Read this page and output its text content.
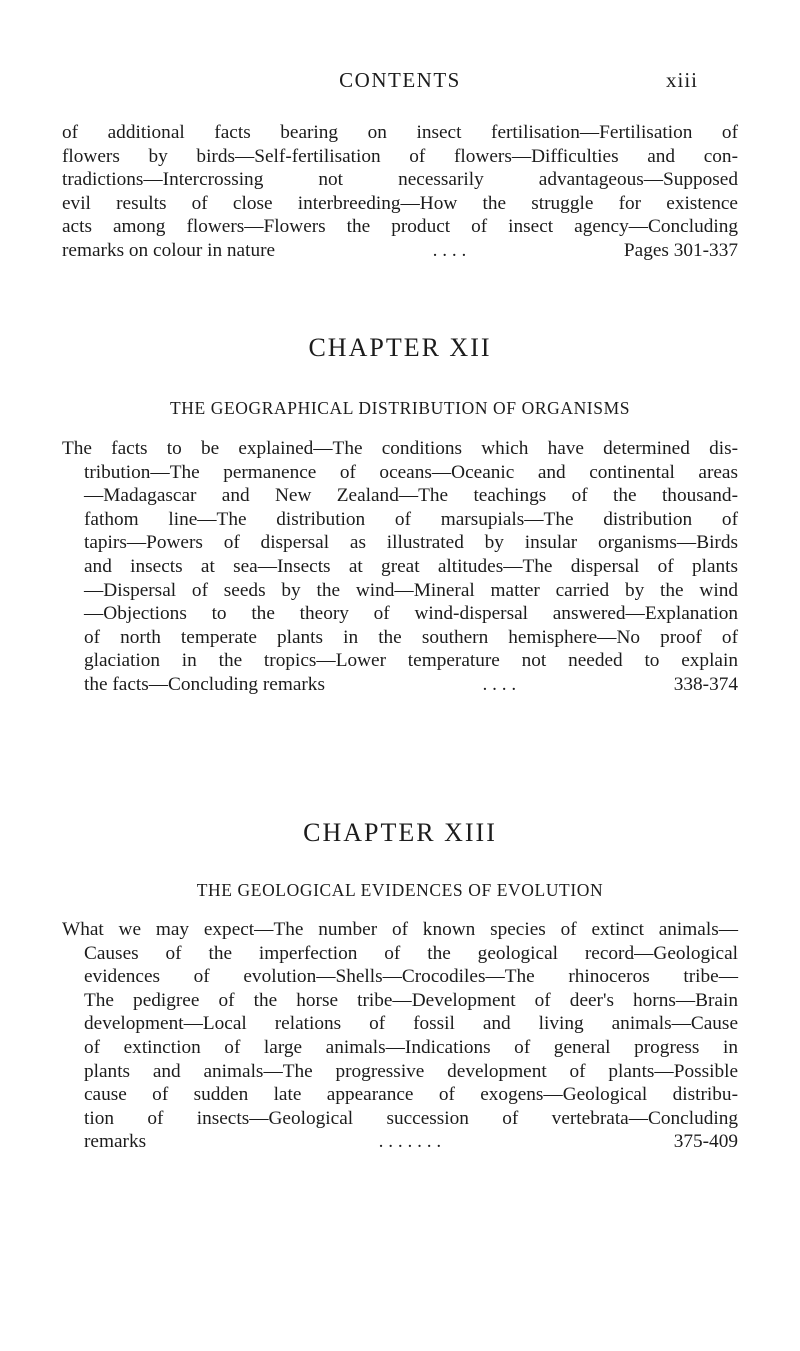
CONTENTS	xiii
of additional facts bearing on insect fertilisation—Fertilisation of
flowers by birds—Self-fertilisation of flowers—Difficulties and con-
tradictions—Intercrossing not necessarily advantageous—Supposed
evil results of close interbreeding—How the struggle for existence
acts among flowers—Flowers the product of insect agency—Concluding
remarks on colour in nature	. . . .	Pages 301-337
CHAPTER XII
THE GEOGRAPHICAL DISTRIBUTION OF ORGANISMS
The facts to be explained—The conditions which have determined dis-
tribution—The permanence of oceans—Oceanic and continental areas
—Madagascar and New Zealand—The teachings of the thousand-
fathom line—The distribution of marsupials—The distribution of
tapirs—Powers of dispersal as illustrated by insular organisms—Birds
and insects at sea—Insects at great altitudes—The dispersal of plants
—Dispersal of seeds by the wind—Mineral matter carried by the wind
—Objections to the theory of wind-dispersal answered—Explanation
of north temperate plants in the southern hemisphere—No proof of
glaciation in the tropics—Lower temperature not needed to explain
the facts—Concluding remarks	. . . .	338-374
CHAPTER XIII
THE GEOLOGICAL EVIDENCES OF EVOLUTION
What we may expect—The number of known species of extinct animals—
Causes of the imperfection of the geological record—Geological
evidences of evolution—Shells—Crocodiles—The rhinoceros tribe—
The pedigree of the horse tribe—Development of deer's horns—Brain
development—Local relations of fossil and living animals—Cause
of extinction of large animals—Indications of general progress in
plants and animals—The progressive development of plants—Possible
cause of sudden late appearance of exogens—Geological distribu-
tion of insects—Geological succession of vertebrata—Concluding
remarks	. . . . . . .	375-409
